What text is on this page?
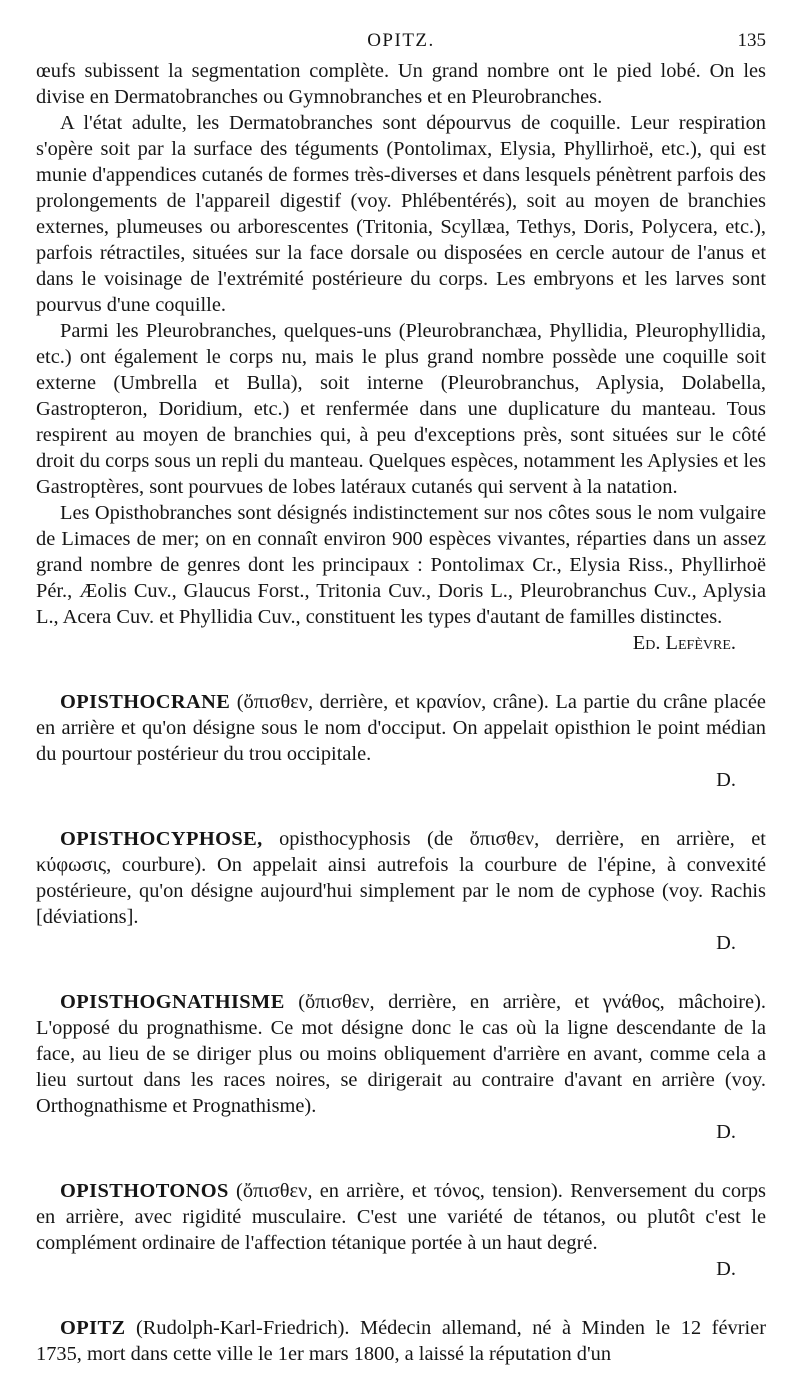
OPITZ.	135

œufs subissent la segmentation complète. Un grand nombre ont le pied lobé. On les divise en Dermatobranches ou Gymnobranches et en Pleurobranches.

A l'état adulte, les Dermatobranches sont dépourvus de coquille. Leur respiration s'opère soit par la surface des téguments (Pontolimax, Elysia, Phyllirhoë, etc.), qui est munie d'appendices cutanés de formes très-diverses et dans lesquels pénètrent parfois des prolongements de l'appareil digestif (voy. Phlébentérés), soit au moyen de branchies externes, plumeuses ou arborescentes (Tritonia, Scyllæa, Tethys, Doris, Polycera, etc.), parfois rétractiles, situées sur la face dorsale ou disposées en cercle autour de l'anus et dans le voisinage de l'extrémité postérieure du corps. Les embryons et les larves sont pourvus d'une coquille.

Parmi les Pleurobranches, quelques-uns (Pleurobranchæa, Phyllidia, Pleurophyllidia, etc.) ont également le corps nu, mais le plus grand nombre possède une coquille soit externe (Umbrella et Bulla), soit interne (Pleurobranchus, Aplysia, Dolabella, Gastropteron, Doridium, etc.) et renfermée dans une duplicature du manteau. Tous respirent au moyen de branchies qui, à peu d'exceptions près, sont situées sur le côté droit du corps sous un repli du manteau. Quelques espèces, notamment les Aplysies et les Gastroptères, sont pourvues de lobes latéraux cutanés qui servent à la natation.

Les Opisthobranches sont désignés indistinctement sur nos côtes sous le nom vulgaire de Limaces de mer; on en connaît environ 900 espèces vivantes, réparties dans un assez grand nombre de genres dont les principaux : Pontolimax Cr., Elysia Riss., Phyllirhoë Pér., Æolis Cuv., Glaucus Forst., Tritonia Cuv., Doris L., Pleurobranchus Cuv., Aplysia L., Acera Cuv. et Phyllidia Cuv., constituent les types d'autant de familles distinctes.

Ed. Lefèvre.

OPISTHOCRANE (ὄπισθεν, derrière, et κρανίον, crâne). La partie du crâne placée en arrière et qu'on désigne sous le nom d'occiput. On appelait opisthion le point médian du pourtour postérieur du trou occipitale.

D.

OPISTHOCYPHOSE, opisthocyphosis (de ὄπισθεν, derrière, en arrière, et κύφωσις, courbure). On appelait ainsi autrefois la courbure de l'épine, à convexité postérieure, qu'on désigne aujourd'hui simplement par le nom de cyphose (voy. Rachis [déviations].

D.

OPISTHOGNATHISME (ὄπισθεν, derrière, en arrière, et γνάθος, mâchoire). L'opposé du prognathisme. Ce mot désigne donc le cas où la ligne descendante de la face, au lieu de se diriger plus ou moins obliquement d'arrière en avant, comme cela a lieu surtout dans les races noires, se dirigerait au contraire d'avant en arrière (voy. Orthognathisme et Prognathisme).

D.

OPISTHOTONOS (ὄπισθεν, en arrière, et τόνος, tension). Renversement du corps en arrière, avec rigidité musculaire. C'est une variété de tétanos, ou plutôt c'est le complément ordinaire de l'affection tétanique portée à un haut degré.

D.

OPITZ (Rudolph-Karl-Friedrich). Médecin allemand, né à Minden le 12 février 1735, mort dans cette ville le 1er mars 1800, a laissé la réputation d'un
